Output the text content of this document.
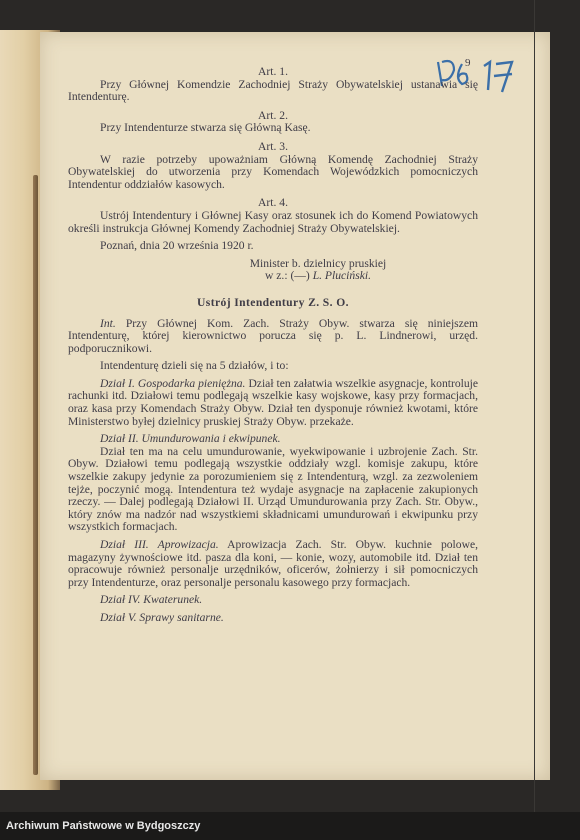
9
Art. 1.

Przy Głównej Komendzie Zachodniej Straży Obywatelskiej ustanawia się Intendenturę.

Art. 2.

Przy Intendenturze stwarza się Główną Kasę.

Art. 3.

W razie potrzeby upoważniam Główną Komendę Zachodniej Straży Obywatelskiej do utworzenia przy Komendach Wojewódzkich pomocniczych Intendentur oddziałów kasowych.

Art. 4.

Ustrój Intendentury i Głównej Kasy oraz stosunek ich do Komend Powiatowych określi instrukcja Głównej Komendy Zachodniej Straży Obywatelskiej.

Poznań, dnia 20 września 1920 r.

Minister b. dzielnicy pruskiej
w z.: (—) L. Pluciński.
Ustrój Intendentury Z. S. O.

Int. Przy Głównej Kom. Zach. Straży Obyw. stwarza się niniejszem Intendenturę, której kierownictwo porucza się p. L. Lindnerowi, urzęd. podporucznikowi.

Intendenturę dzieli się na 5 działów, i to:

Dział I. Gospodarka pieniężna. Dział ten załatwia wszelkie asygnacje, kontroluje rachunki itd. Działowi temu podlegają wszelkie kasy wojskowe, kasy przy formacjach, oraz kasa przy Komendach Straży Obyw. Dział ten dysponuje również kwotami, które Ministerstwo byłej dzielnicy pruskiej Straży Obyw. przekaże.

Dział II. Umundurowania i ekwipunek.

Dział ten ma na celu umundurowanie, wyekwipowanie i uzbrojenie Zach. Str. Obyw. Działowi temu podlegają wszystkie oddziały wzgl. komisje zakupu, które wszelkie zakupy jedynie za porozumieniem się z Intendenturą, wzgl. za zezwoleniem tejże, poczynić mogą. Intendentura też wydaje asygnacje na zapłacenie zakupionych rzeczy. — Dalej podlegają Działowi II. Urząd Umundurowania przy Zach. Str. Obyw., który znów ma nadzór nad wszystkiemi składnicami umundurowań i ekwipunku przy wszystkich formacjach.

Dział III. Aprowizacja. Aprowizacja Zach. Str. Obyw. kuchnie polowe, magazyny żywnościowe itd. pasza dla koni, — konie, wozy, automobile itd. Dział ten opracowuje również personalje urzędników, oficerów, żołnierzy i sił pomocniczych przy Intendenturze, oraz personalje personalu kasowego przy formacjach.

Dział IV. Kwaterunek.

Dział V. Sprawy sanitarne.

Archiwum Państwowe w Bydgoszczy
